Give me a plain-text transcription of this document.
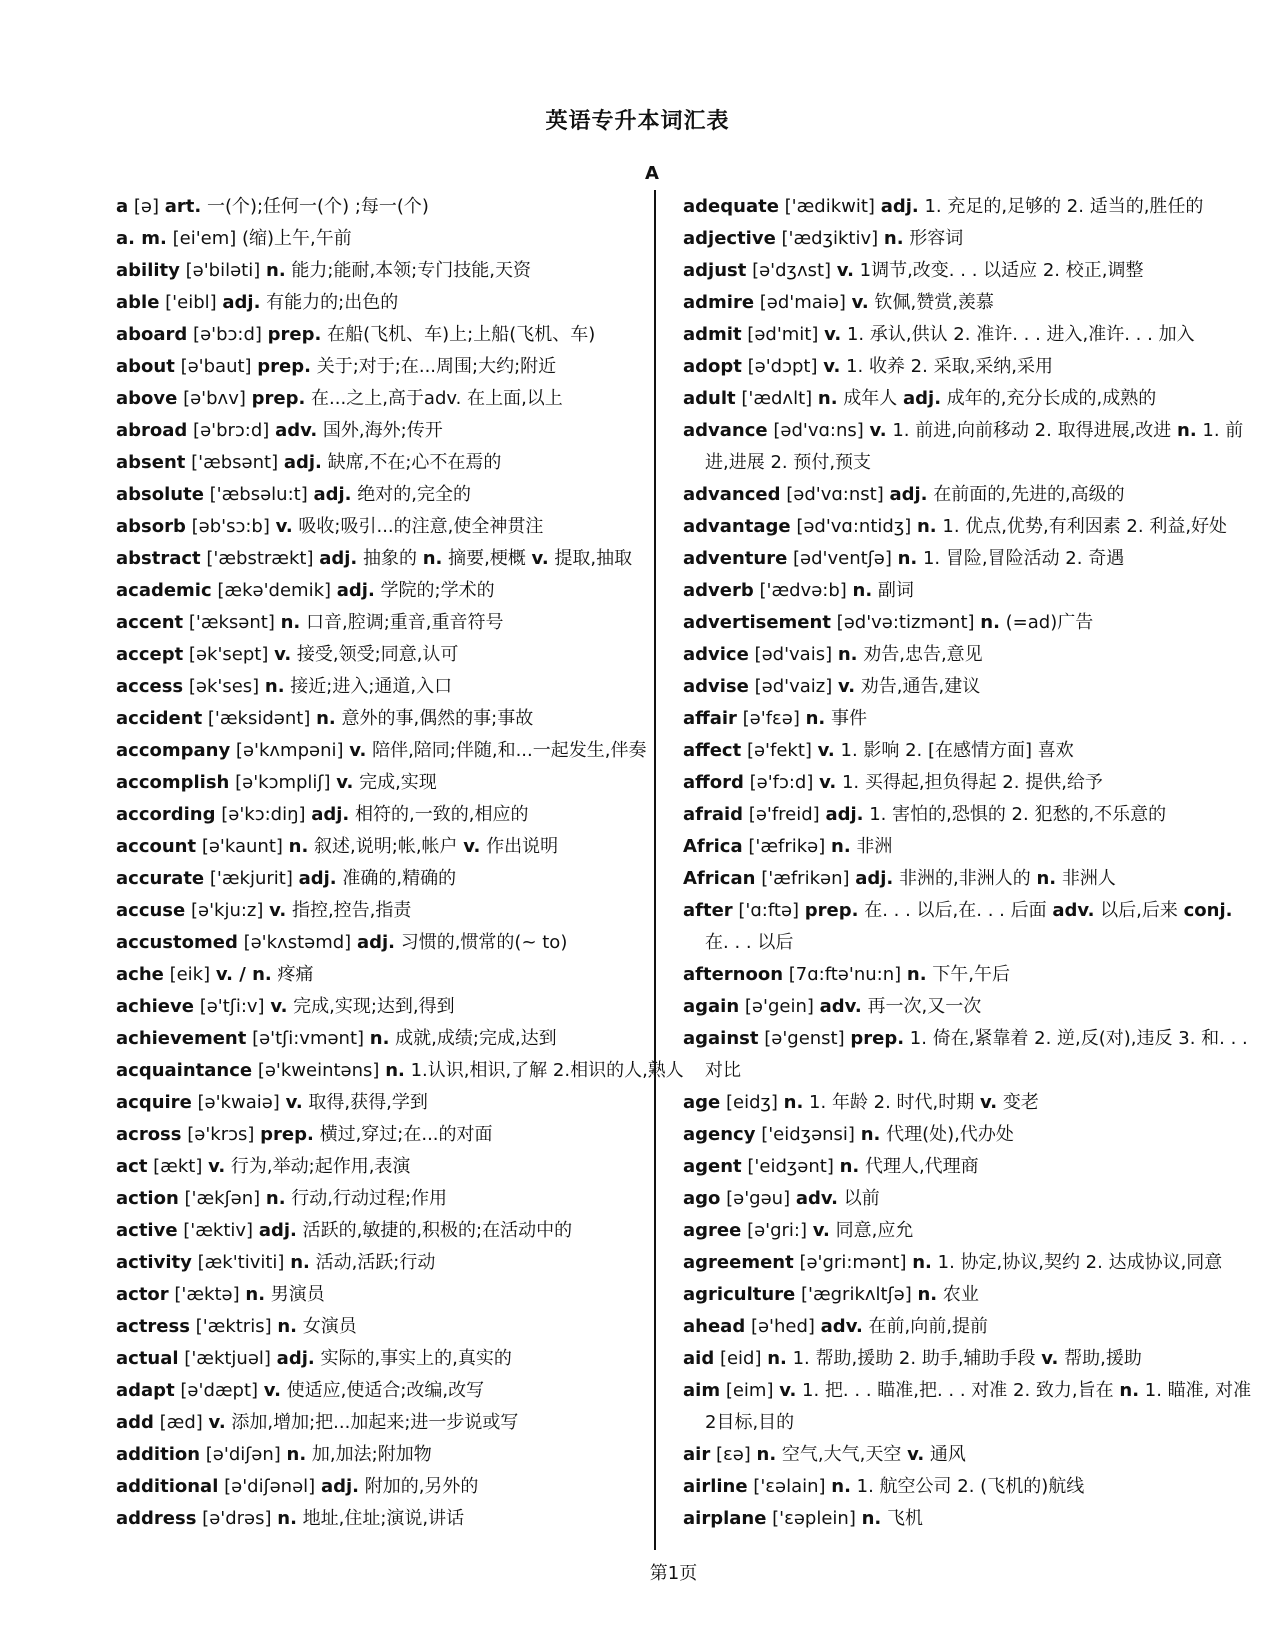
英语专升本词汇表
A
a [ə] art. 一(个);任何一(个) ;每一(个)
a. m. [ei'em] (缩)上午,午前
ability [ə'biləti] n. 能力;能耐,本领;专门技能,天资
able ['eibl] adj. 有能力的;出色的
aboard [ə'bɔ:d] prep. 在船(飞机、车)上;上船(飞机、车)
about [ə'baut] prep. 关于;对于;在...周围;大约;附近
above [ə'bʌv] prep. 在...之上,高于adv. 在上面,以上
abroad [ə'brɔ:d] adv. 国外,海外;传开
absent ['æbsənt] adj. 缺席,不在;心不在焉的
absolute ['æbsəlu:t] adj. 绝对的,完全的
absorb [əb'sɔ:b] v. 吸收;吸引...的注意,使全神贯注
abstract ['æbstrækt] adj. 抽象的 n. 摘要,梗概 v. 提取,抽取
academic [ækə'demik] adj. 学院的;学术的
accent ['æksənt] n. 口音,腔调;重音,重音符号
accept [ək'sept] v. 接受,领受;同意,认可
access [ək'ses] n. 接近;进入;通道,入口
accident ['æksidənt] n. 意外的事,偶然的事;事故
accompany [ə'kʌmpəni] v. 陪伴,陪同;伴随,和...一起发生,伴奏
accomplish [ə'kɔmpliʃ] v. 完成,实现
according [ə'kɔ:diŋ] adj. 相符的,一致的,相应的
account [ə'kaunt] n. 叙述,说明;帐,帐户 v. 作出说明
accurate ['ækjurit] adj. 准确的,精确的
accuse [ə'kju:z] v. 指控,控告,指责
accustomed [ə'kʌstəmd] adj. 习惯的,惯常的(~ to)
ache [eik] v. / n. 疼痛
achieve [ə'tʃi:v] v. 完成,实现;达到,得到
achievement [ə'tʃi:vmənt] n. 成就,成绩;完成,达到
acquaintance [ə'kweintəns] n. 1.认识,相识,了解 2.相识的人,熟人
acquire [ə'kwaiə] v. 取得,获得,学到
across [ə'krɔs] prep. 横过,穿过;在...的对面
act [ækt] v. 行为,举动;起作用,表演
action ['ækʃən] n. 行动,行动过程;作用
active ['æktiv] adj. 活跃的,敏捷的,积极的;在活动中的
activity [æk'tiviti] n. 活动,活跃;行动
actor ['æktə] n. 男演员
actress ['æktris] n. 女演员
actual ['æktjuəl] adj. 实际的,事实上的,真实的
adapt [ə'dæpt] v. 使适应,使适合;改编,改写
add [æd] v. 添加,增加;把...加起来;进一步说或写
addition [ə'diʃən] n. 加,加法;附加物
additional [ə'diʃənəl] adj. 附加的,另外的
address [ə'drəs] n. 地址,住址;演说,讲话
adequate ['ædikwit] adj. 1. 充足的,足够的 2. 适当的,胜任的
adjective ['ædʒiktiv] n. 形容词
adjust [ə'dʒʌst] v. 1调节,改变. . . 以适应 2. 校正,调整
admire [əd'maiə] v. 钦佩,赞赏,羡慕
admit [əd'mit] v. 1. 承认,供认 2. 准许. . . 进入,准许. . . 加入
adopt [ə'dɔpt] v. 1. 收养 2. 采取,采纳,采用
adult ['ædʌlt] n. 成年人 adj. 成年的,充分长成的,成熟的
advance [əd'vɑ:ns] v. 1. 前进,向前移动 2. 取得进展,改进 n. 1. 前进,进展 2. 预付,预支
advanced [əd'vɑ:nst] adj. 在前面的,先进的,高级的
advantage [əd'vɑ:ntidʒ] n. 1. 优点,优势,有利因素 2. 利益,好处
adventure [əd'ventʃə] n. 1. 冒险,冒险活动 2. 奇遇
adverb ['ædvə:b] n. 副词
advertisement [əd'və:tizmənt] n. (=ad)广告
advice [əd'vais] n. 劝告,忠告,意见
advise [əd'vaiz] v. 劝告,通告,建议
affair [ə'fɛə] n. 事件
affect [ə'fekt] v. 1. 影响 2. [在感情方面] 喜欢
afford [ə'fɔ:d] v. 1. 买得起,担负得起 2. 提供,给予
afraid [ə'freid] adj. 1. 害怕的,恐惧的 2. 犯愁的,不乐意的
Africa ['æfrikə] n. 非洲
African ['æfrikən] adj. 非洲的,非洲人的 n. 非洲人
after ['ɑ:ftə] prep. 在. . . 以后,在. . . 后面 adv. 以后,后来 conj. 在. . . 以后
afternoon [7ɑ:ftə'nu:n] n. 下午,午后
again [ə'gein] adv. 再一次,又一次
against [ə'genst] prep. 1. 倚在,紧靠着 2. 逆,反(对),违反 3. 和. . . 对比
age [eidʒ] n. 1. 年龄 2. 时代,时期 v. 变老
agency ['eidʒənsi] n. 代理(处),代办处
agent ['eidʒənt] n. 代理人,代理商
ago [ə'gəu] adv. 以前
agree [ə'gri:] v. 同意,应允
agreement [ə'gri:mənt] n. 1. 协定,协议,契约 2. 达成协议,同意
agriculture ['ægrikʌltʃə] n. 农业
ahead [ə'hed] adv. 在前,向前,提前
aid [eid] n. 1. 帮助,援助 2. 助手,辅助手段 v. 帮助,援助
aim [eim] v. 1. 把. . . 瞄准,把. . . 对准 2. 致力,旨在 n. 1. 瞄准, 对准2目标,目的
air [εə] n. 空气,大气,天空 v. 通风
airline ['εəlain] n. 1. 航空公司 2. (飞机的)航线
airplane ['εəplein] n. 飞机
第1页
